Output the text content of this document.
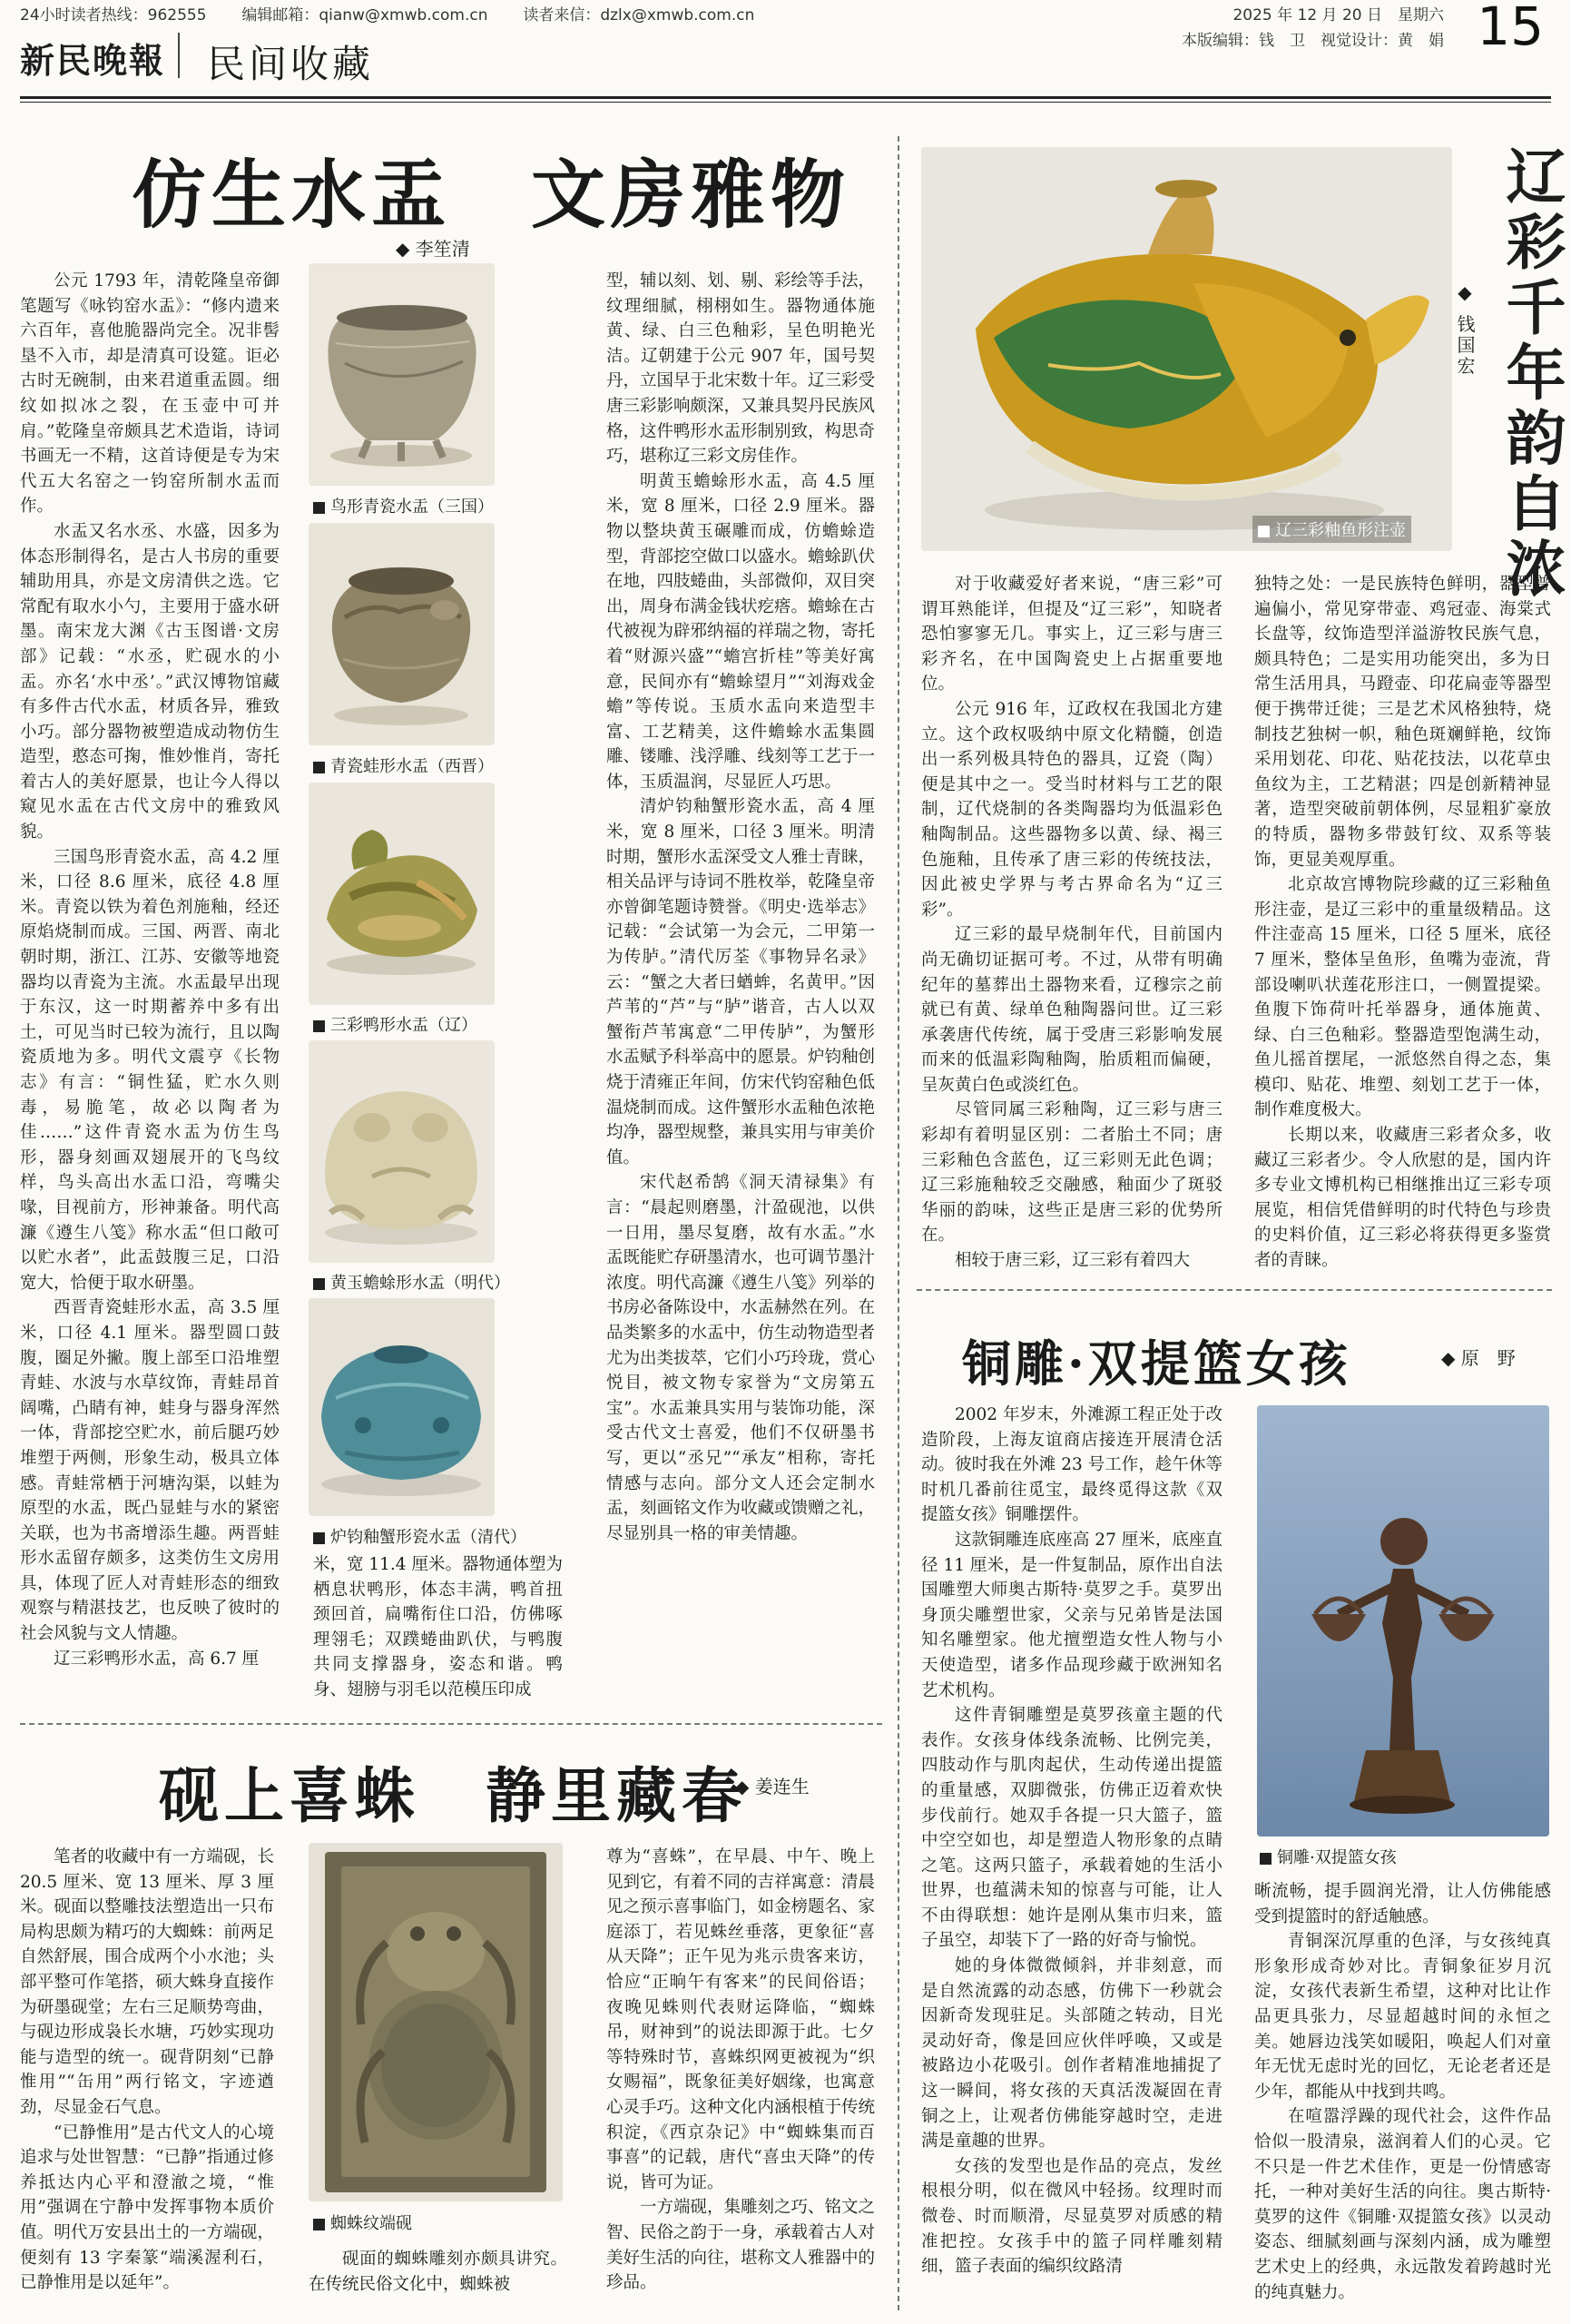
24小时读者热线：962555 编辑邮箱：qianw@xmwb.com.cn 读者来信：dzlx@xmwb.com.cn	2025 年 12 月 20 日　星期六 15
本版编辑：钱　卫　视觉设计：黄　娟
新民晚報 民间收藏
仿生水盂　文房雅物
◆ 李笙清

公元 1793 年，清乾隆皇帝御笔题写《咏钧窑水盂》：“修内遗来六百年，喜他脆器尚完全。况非髻垦不入市，却是清真可设筵。讵必古时无碗制，由来君道重盂圆。细纹如拟冰之裂，在玉壶中可并肩。”乾隆皇帝颇具艺术造诣，诗词书画无一不精，这首诗便是专为宋代五大名窑之一钧窑所制水盂而作。

水盂又名水丞、水盛，因多为体态形制得名，是古人书房的重要辅助用具，亦是文房清供之选。它常配有取水小勺，主要用于盛水研墨。南宋龙大渊《古玉图谱·文房部》记载：“水丞，贮砚水的小盂。亦名‘水中丞’。”武汉博物馆藏有多件古代水盂，材质各异，雅致小巧。部分器物被塑造成动物仿生造型，憨态可掬，惟妙惟肖，寄托着古人的美好愿景，也让今人得以窥见水盂在古代文房中的雅致风貌。

三国鸟形青瓷水盂，高 4.2 厘米，口径 8.6 厘米，底径 4.8 厘米。青瓷以铁为着色剂施釉，经还原焰烧制而成。三国、两晋、南北朝时期，浙江、江苏、安徽等地瓷器均以青瓷为主流。水盂最早出现于东汉，这一时期蓄养中多有出土，可见当时已较为流行，且以陶瓷质地为多。明代文震亨《长物志》有言：“铜性猛，贮水久则毒，易脆笔，故必以陶者为佳……”这件青瓷水盂为仿生鸟形，器身刻画双翅展开的飞鸟纹样，鸟头高出水盂口沿，弯嘴尖喙，目视前方，形神兼备。明代高濂《遵生八笺》称水盂“但口敞可以贮水者”，此盂鼓腹三足，口沿宽大，恰便于取水研墨。

西晋青瓷蛙形水盂，高 3.5 厘米，口径 4.1 厘米。器型圆口鼓腹，圈足外撇。腹上部至口沿堆塑青蛙、水波与水草纹饰，青蛙昂首阔嘴，凸睛有神，蛙身与器身浑然一体，背部挖空贮水，前后腿巧妙堆塑于两侧，形象生动，极具立体感。青蛙常栖于河塘沟渠，以蛙为原型的水盂，既凸显蛙与水的紧密关联，也为书斋增添生趣。两晋蛙形水盂留存颇多，这类仿生文房用具，体现了匠人对青蛙形态的细致观察与精湛技艺，也反映了彼时的社会风貌与文人情趣。

辽三彩鸭形水盂，高 6.7 厘

鸟形青瓷水盂（三国）
青瓷蛙形水盂（西晋）
三彩鸭形水盂（辽）
黄玉蟾蜍形水盂（明代）
炉钧釉蟹形瓷水盂（清代）

米，宽 11.4 厘米。器物通体塑为栖息状鸭形，体态丰满，鸭首扭颈回首，扁嘴衔住口沿，仿佛啄理翎毛；双蹼蜷曲趴伏，与鸭腹共同支撑器身，姿态和谐。鸭身、翅膀与羽毛以范模压印成

型，辅以刻、划、剔、彩绘等手法，纹理细腻，栩栩如生。器物通体施黄、绿、白三色釉彩，呈色明艳光洁。辽朝建于公元 907 年，国号契丹，立国早于北宋数十年。辽三彩受唐三彩影响颇深，又兼具契丹民族风格，这件鸭形水盂形制别致，构思奇巧，堪称辽三彩文房佳作。

明黄玉蟾蜍形水盂，高 4.5 厘米，宽 8 厘米，口径 2.9 厘米。器物以整块黄玉碾雕而成，仿蟾蜍造型，背部挖空做口以盛水。蟾蜍趴伏在地，四肢蜷曲，头部微仰，双目突出，周身布满金钱状疙瘩。蟾蜍在古代被视为辟邪纳福的祥瑞之物，寄托着“财源兴盛”“蟾宫折桂”等美好寓意，民间亦有“蟾蜍望月”“刘海戏金蟾”等传说。玉质水盂向来造型丰富、工艺精美，这件蟾蜍水盂集圆雕、镂雕、浅浮雕、线刻等工艺于一体，玉质温润，尽显匠人巧思。

清炉钧釉蟹形瓷水盂，高 4 厘米，宽 8 厘米，口径 3 厘米。明清时期，蟹形水盂深受文人雅士青睐，相关品评与诗词不胜枚举，乾隆皇帝亦曾御笔题诗赞誉。《明史·选举志》记载：“会试第一为会元，二甲第一为传胪。”清代厉荃《事物异名录》云：“蟹之大者曰蝤蛑，名黄甲。”因芦苇的“芦”与“胪”谐音，古人以双蟹衔芦苇寓意“二甲传胪”，为蟹形水盂赋予科举高中的愿景。炉钧釉创烧于清雍正年间，仿宋代钧窑釉色低温烧制而成。这件蟹形水盂釉色浓艳均净，器型规整，兼具实用与审美价值。

宋代赵希鹄《洞天清禄集》有言：“晨起则磨墨，汁盈砚池，以供一日用，墨尽复磨，故有水盂。”水盂既能贮存研墨清水，也可调节墨汁浓度。明代高濂《遵生八笺》列举的书房必备陈设中，水盂赫然在列。在品类繁多的水盂中，仿生动物造型者尤为出类拔萃，它们小巧玲珑，赏心悦目，被文物专家誉为“文房第五宝”。水盂兼具实用与装饰功能，深受古代文士喜爱，他们不仅研墨书写，更以“丞兄”“承友”相称，寄托情感与志向。部分文人还会定制水盂，刻画铭文作为收藏或馈赠之礼，尽显别具一格的审美情趣。

砚上喜蛛　静里藏春
◆ 姜连生

笔者的收藏中有一方端砚，长 20.5 厘米、宽 13 厘米、厚 3 厘米。砚面以整雕技法塑造出一只布局构思颇为精巧的大蜘蛛：前两足自然舒展，围合成两个小水池；头部平整可作笔搭，硕大蛛身直接作为研墨砚堂；左右三足顺势弯曲，与砚边形成袅长水塘，巧妙实现功能与造型的统一。砚背阴刻“已静惟用”“缶用”两行铭文，字迹遒劲，尽显金石气息。

“已静惟用”是古代文人的心境追求与处世智慧：“已静”指通过修养抵达内心平和澄澈之境，“惟用”强调在宁静中发挥事物本质价值。明代万安县出土的一方端砚，便刻有 13 字秦篆“端溪渥利石，已静惟用是以延年”。

蜘蛛纹端砚

砚面的蜘蛛雕刻亦颇具讲究。在传统民俗文化中，蜘蛛被

尊为“喜蛛”，在早晨、中午、晚上见到它，有着不同的吉祥寓意：清晨见之预示喜事临门，如金榜题名、家庭添丁，若见蛛丝垂落，更象征“喜从天降”；正午见为兆示贵客来访，恰应“正晌午有客来”的民间俗语；夜晚见蛛则代表财运降临，“蜘蛛吊，财神到”的说法即源于此。七夕等特殊时节，喜蛛织网更被视为“织女赐福”，既象征美好姻缘，也寓意心灵手巧。这种文化内涵根植于传统积淀，《西京杂记》中“蜘蛛集而百事喜”的记载，唐代“喜虫天降”的传说，皆可为证。

一方端砚，集雕刻之巧、铭文之智、民俗之韵于一身，承载着古人对美好生活的向往，堪称文人雅器中的珍品。

辽三彩釉鱼形注壶 辽彩千年韵自浓
◆ 钱国宏

对于收藏爱好者来说，“唐三彩”可谓耳熟能详，但提及“辽三彩”，知晓者恐怕寥寥无几。事实上，辽三彩与唐三彩齐名，在中国陶瓷史上占据重要地位。

公元 916 年，辽政权在我国北方建立。这个政权吸纳中原文化精髓，创造出一系列极具特色的器具，辽瓷（陶）便是其中之一。受当时材料与工艺的限制，辽代烧制的各类陶器均为低温彩色釉陶制品。这些器物多以黄、绿、褐三色施釉，且传承了唐三彩的传统技法，因此被史学界与考古界命名为“辽三彩”。

辽三彩的最早烧制年代，目前国内尚无确切证据可考。不过，从带有明确纪年的墓葬出土器物来看，辽穆宗之前就已有黄、绿单色釉陶器问世。辽三彩承袭唐代传统，属于受唐三彩影响发展而来的低温彩陶釉陶，胎质粗而偏硬，呈灰黄白色或淡红色。

尽管同属三彩釉陶，辽三彩与唐三彩却有着明显区别：二者胎土不同；唐三彩釉色含蓝色，辽三彩则无此色调；辽三彩施釉较乏交融感，釉面少了斑驳华丽的韵味，这些正是唐三彩的优势所在。

相较于唐三彩，辽三彩有着四大

独特之处：一是民族特色鲜明，器型普遍偏小，常见穿带壶、鸡冠壶、海棠式长盘等，纹饰造型洋溢游牧民族气息，颇具特色；二是实用功能突出，多为日常生活用具，马蹬壶、印花扁壶等器型便于携带迁徙；三是艺术风格独特，烧制技艺独树一帜，釉色斑斓鲜艳，纹饰采用划花、印花、贴花技法，以花草虫鱼纹为主，工艺精湛；四是创新精神显著，造型突破前朝体例，尽显粗犷豪放的特质，器物多带鼓钉纹、双系等装饰，更显美观厚重。

北京故宫博物院珍藏的辽三彩釉鱼形注壶，是辽三彩中的重量级精品。这件注壶高 15 厘米，口径 5 厘米，底径 7 厘米，整体呈鱼形，鱼嘴为壶流，背部设喇叭状莲花形注口，一侧置提梁。鱼腹下饰荷叶托举器身，通体施黄、绿、白三色釉彩。整器造型饱满生动，鱼儿摇首摆尾，一派悠然自得之态，集模印、贴花、堆塑、刻划工艺于一体，制作难度极大。

长期以来，收藏唐三彩者众多，收藏辽三彩者少。令人欣慰的是，国内许多专业文博机构已相继推出辽三彩专项展览，相信凭借鲜明的时代特色与珍贵的史料价值，辽三彩必将获得更多鉴赏者的青睐。

铜雕·双提篮女孩	◆ 原　野

2002 年岁末，外滩源工程正处于改造阶段，上海友谊商店接连开展清仓活动。彼时我在外滩 23 号工作，趁午休等时机几番前往觅宝，最终觅得这款《双提篮女孩》铜雕摆件。

这款铜雕连底座高 27 厘米，底座直径 11 厘米，是一件复制品，原作出自法国雕塑大师奥古斯特·莫罗之手。莫罗出身顶尖雕塑世家，父亲与兄弟皆是法国知名雕塑家。他尤擅塑造女性人物与小天使造型，诸多作品现珍藏于欧洲知名艺术机构。

这件青铜雕塑是莫罗孩童主题的代表作。女孩身体线条流畅、比例完美，四肢动作与肌肉起伏，生动传递出提篮的重量感，双脚微张，仿佛正迈着欢快步伐前行。她双手各提一只大篮子，篮中空空如也，却是塑造人物形象的点睛之笔。这两只篮子，承载着她的生活小世界，也蕴满未知的惊喜与可能，让人不由得联想：她许是刚从集市归来，篮子虽空，却装下了一路的好奇与愉悦。

她的身体微微倾斜，并非刻意，而是自然流露的动态感，仿佛下一秒就会因新奇发现驻足。头部随之转动，目光灵动好奇，像是回应伙伴呼唤，又或是被路边小花吸引。创作者精准地捕捉了这一瞬间，将女孩的天真活泼凝固在青铜之上，让观者仿佛能穿越时空，走进满是童趣的世界。

女孩的发型也是作品的亮点，发丝根根分明，似在微风中轻扬。纹理时而微卷、时而顺滑，尽显莫罗对质感的精准把控。女孩手中的篮子同样雕刻精细，篮子表面的编织纹路清

铜雕·双提篮女孩

晰流畅，提手圆润光滑，让人仿佛能感受到提篮时的舒适触感。

青铜深沉厚重的色泽，与女孩纯真形象形成奇妙对比。青铜象征岁月沉淀，女孩代表新生希望，这种对比让作品更具张力，尽显超越时间的永恒之美。她唇边浅笑如暖阳，唤起人们对童年无忧无虑时光的回忆，无论老者还是少年，都能从中找到共鸣。

在喧嚣浮躁的现代社会，这件作品恰似一股清泉，滋润着人们的心灵。它不只是一件艺术佳作，更是一份情感寄托，一种对美好生活的向往。奥古斯特·莫罗的这件《铜雕·双提篮女孩》以灵动姿态、细腻刻画与深刻内涵，成为雕塑艺术史上的经典，永远散发着跨越时光的纯真魅力。
